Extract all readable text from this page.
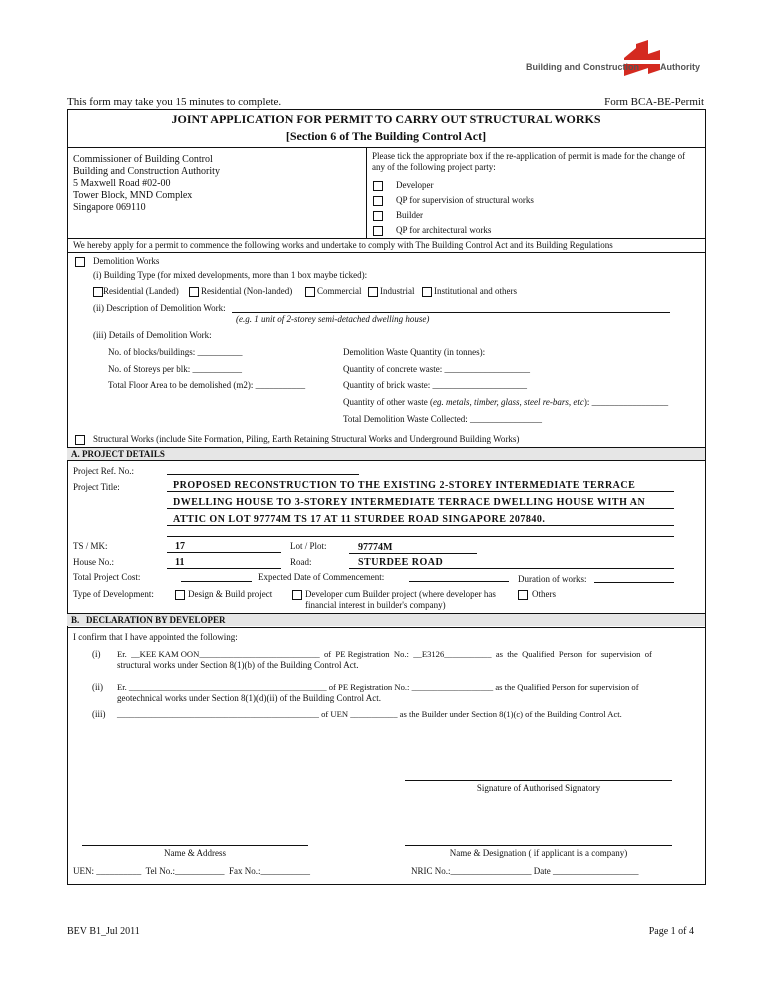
Building and Construction Authority
This form may take you 15 minutes to complete.	Form BCA-BE-Permit
JOINT APPLICATION FOR PERMIT TO CARRY OUT STRUCTURAL WORKS
[Section 6 of The Building Control Act]
Commissioner of Building Control
Building and Construction Authority
5 Maxwell Road #02-00
Tower Block, MND Complex
Singapore 069110
Please tick the appropriate box if the re-application of permit is made for the change of any of the following project party:
Developer
QP for supervision of structural works
Builder
QP for architectural works
We hereby apply for a permit to commence the following works and undertake to comply with The Building Control Act and its Building Regulations
Demolition Works
(i) Building Type (for mixed developments, more than 1 box maybe ticked):
Residential (Landed) Residential (Non-landed)	Commercial Industrial Institutional and others
(ii) Description of Demolition Work:
(e.g. 1 unit of 2-storey semi-detached dwelling house)
(iii) Details of Demolition Work:
No. of blocks/buildings: __________
No. of Storeys per blk: ___________
Total Floor Area to be demolished (m2): ___________
Demolition Waste Quantity (in tonnes):
Quantity of concrete waste: ___________________
Quantity of brick waste: _____________________
Quantity of other waste (eg. metals, timber, glass, steel re-bars, etc): _________________
Total Demolition Waste Collected: ________________
Structural Works (include Site Formation, Piling, Earth Retaining Structural Works and Underground Building Works)
A. PROJECT DETAILS
Project Ref. No.:
Project Title:	PROPOSED RECONSTRUCTION TO THE EXISTING 2-STOREY INTERMEDIATE TERRACE
DWELLING HOUSE TO 3-STOREY INTERMEDIATE TERRACE DWELLING HOUSE WITH AN
ATTIC ON LOT 97774M TS 17 AT 11 STURDEE ROAD SINGAPORE 207840.
TS / MK:	17	Lot / Plot:	97774M
House No.:	11	Road:	STURDEE ROAD
Total Project Cost:	Expected Date of Commencement:	Duration of works:
Type of Development:	Design & Build project	Developer cum Builder project (where developer has
financial interest in builder's company)
Others
B.   DECLARATION BY DEVELOPER
I confirm that I have appointed the following:
(i) Er.  __KEE KAM OON____________________________  of  PE Registration  No.:  __E3126___________  as  the  Qualified  Person  for  supervision  of
structural works under Section 8(1)(b) of the Building Control Act.
(ii) Er. ______________________________________________ of PE Registration No.: ___________________ as the Qualified Person for supervision of
geotechnical works under Section 8(1)(d)(ii) of the Building Control Act.
(iii) _______________________________________________ of UEN ___________ as the Builder under Section 8(1)(c) of the Building Control Act.
Signature of Authorised Signatory
Name & Address	Name & Designation ( if applicant is a company)
UEN: __________  Tel No.:___________  Fax No.:___________	NRIC No.:__________________ Date ___________________
BEV B1_Jul 2011	Page 1 of 4
